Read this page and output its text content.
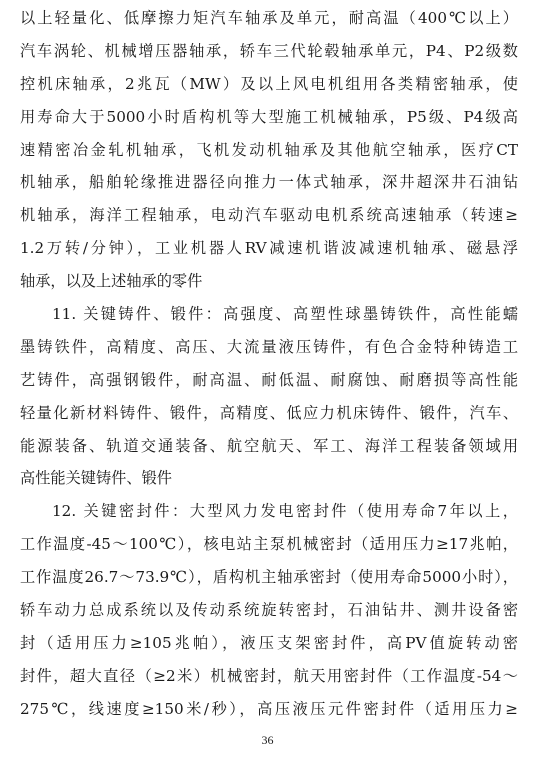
以上轻量化、低摩擦力矩汽车轴承及单元，耐高温（400℃以上）
汽车涡轮、机械增压器轴承，轿车三代轮毂轴承单元，P4、P2级数
控机床轴承，2兆瓦（MW）及以上风电机组用各类精密轴承，使
用寿命大于5000小时盾构机等大型施工机械轴承，P5级、P4级高
速精密冶金轧机轴承，飞机发动机轴承及其他航空轴承，医疗CT
机轴承，船舶轮缘推进器径向推力一体式轴承，深井超深井石油钻
机轴承，海洋工程轴承，电动汽车驱动电机系统高速轴承（转速≥
1.2万转/分钟），工业机器人RV减速机谐波减速机轴承、磁悬浮
轴承，以及上述轴承的零件
11. 关键铸件、锻件：高强度、高塑性球墨铸铁件，高性能蠕
墨铸铁件，高精度、高压、大流量液压铸件，有色合金特种铸造工
艺铸件，高强钢锻件，耐高温、耐低温、耐腐蚀、耐磨损等高性能
轻量化新材料铸件、锻件，高精度、低应力机床铸件、锻件，汽车、
能源装备、轨道交通装备、航空航天、军工、海洋工程装备领域用
高性能关键铸件、锻件
12. 关键密封件：大型风力发电密封件（使用寿命7年以上，
工作温度-45～100℃），核电站主泵机械密封（适用压力≥17兆帕，
工作温度26.7～73.9℃），盾构机主轴承密封（使用寿命5000小时），
轿车动力总成系统以及传动系统旋转密封，石油钻井、测井设备密
封（适用压力≥105兆帕），液压支架密封件，高PV值旋转动密
封件，超大直径（≥2米）机械密封，航天用密封件（工作温度-54～
275℃，线速度≥150米/秒），高压液压元件密封件（适用压力≥
36
